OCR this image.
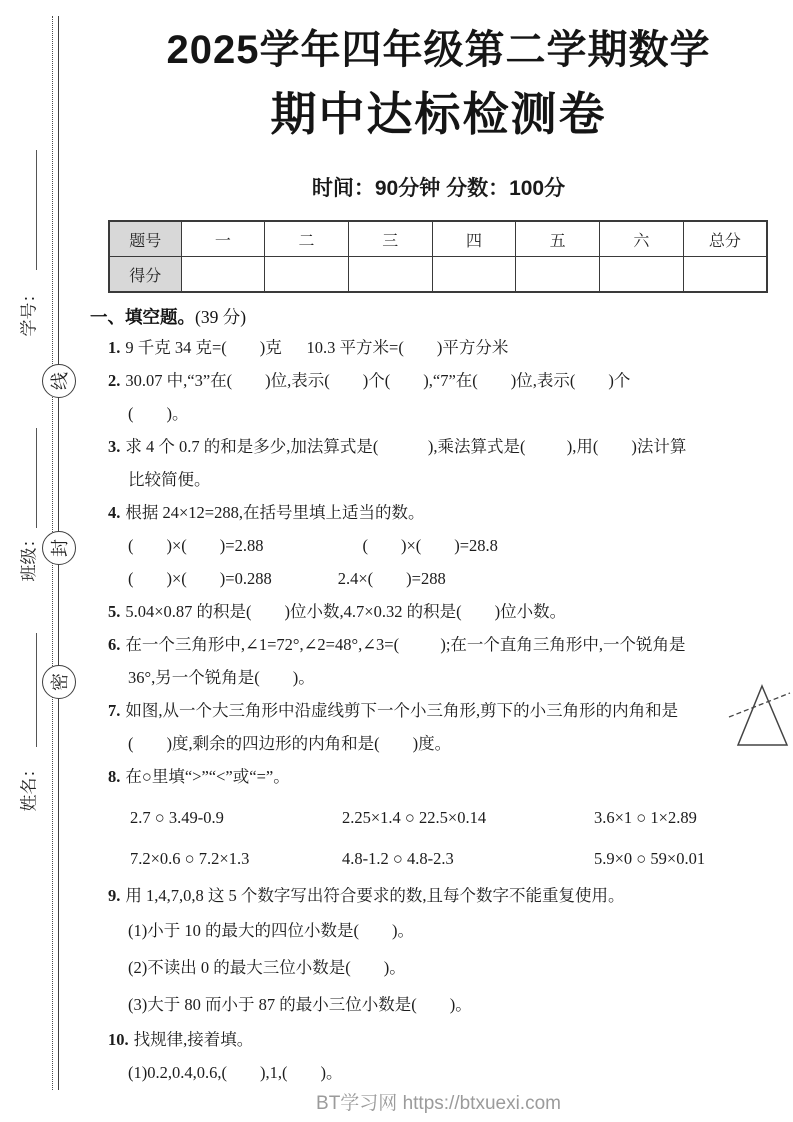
学号：
线
班级： 封
密
姓名：
2025学年四年级第二学期数学
期中达标检测卷
时间：90分钟 分数：100分
题号	一	二	三	四	五	六	总分
得分							
一、填空题。(39 分)
1. 9 千克 34 克=(        )克      10.3 平方米=(        )平方分米
2. 30.07 中,“3”在(        )位,表示(        )个(        ),“7”在(        )位,表示(        )个
(        )。
3. 求 4 个 0.7 的和是多少,加法算式是(            ),乘法算式是(          ),用(        )法计算
比较简便。
4. 根据 24×12=288,在括号里填上适当的数。
(        )×(        )=2.88                        (        )×(        )=28.8
(        )×(        )=0.288                2.4×(        )=288
5. 5.04×0.87 的积是(        )位小数,4.7×0.32 的积是(        )位小数。
6. 在一个三角形中,∠1=72°,∠2=48°,∠3=(          );在一个直角三角形中,一个锐角是
36°,另一个锐角是(        )。
7. 如图,从一个大三角形中沿虚线剪下一个小三角形,剪下的小三角形的内角和是
(        )度,剩余的四边形的内角和是(        )度。
8. 在○里填“>”“<”或“=”。
2.7 ○ 3.49-0.9	2.25×1.4 ○ 22.5×0.14	3.6×1 ○ 1×2.89
7.2×0.6 ○ 7.2×1.3	4.8-1.2 ○ 4.8-2.3	5.9×0 ○ 59×0.01
9. 用 1,4,7,0,8 这 5 个数字写出符合要求的数,且每个数字不能重复使用。
(1)小于 10 的最大的四位小数是(        )。
(2)不读出 0 的最大三位小数是(        )。
(3)大于 80 而小于 87 的最小三位小数是(        )。
10. 找规律,接着填。
(1)0.2,0.4,0.6,(        ),1,(        )。
BT学习网 https://btxuexi.com
